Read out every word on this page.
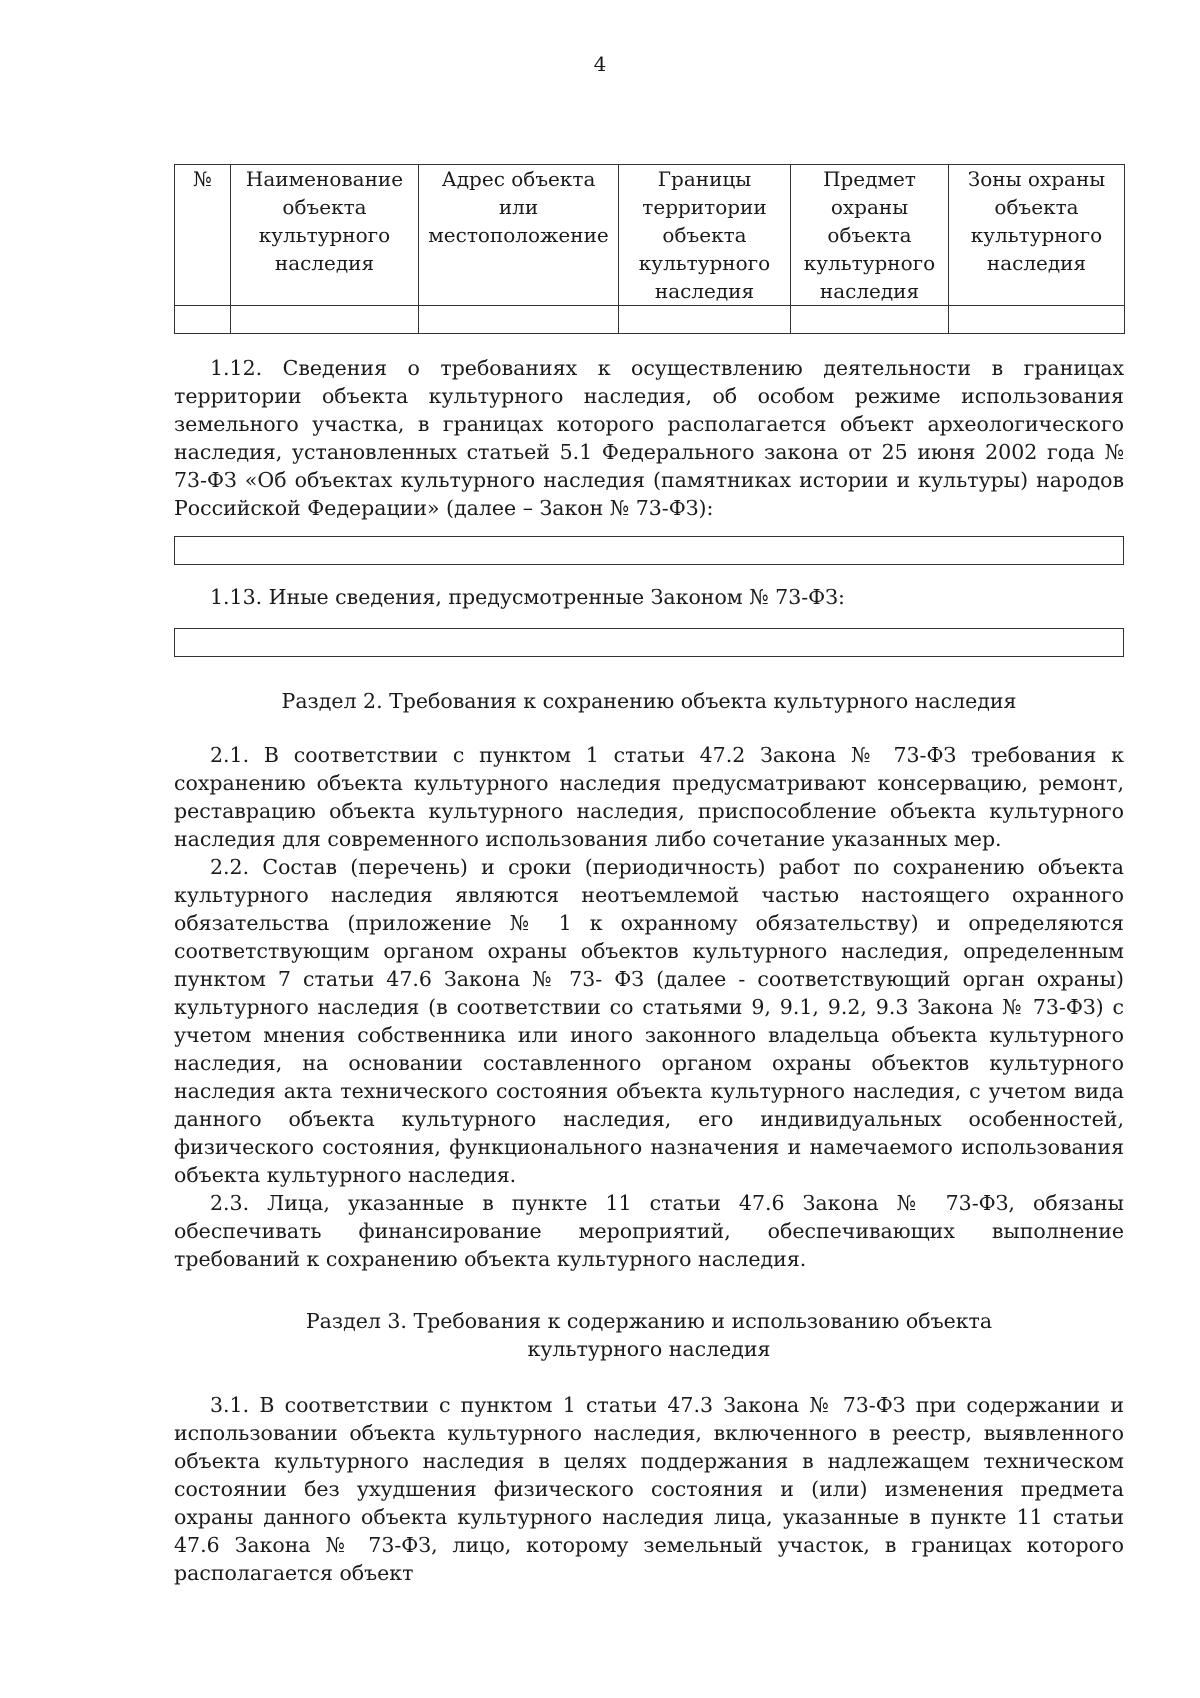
4
№	Наименование объекта культурного наследия	Адрес объекта или местоположение	Границы территории объекта культурного наследия	Предмет охраны объекта культурного наследия	Зоны охраны объекта культурного наследия

1.12. Сведения о требованиях к осуществлению деятельности в границах территории объекта культурного наследия, об особом режиме использования земельного участка, в границах которого располагается объект археологического наследия, установленных статьей 5.1 Федерального закона от 25 июня 2002 года № 73-ФЗ «Об объектах культурного наследия (памятниках истории и культуры) народов Российской Федерации» (далее – Закон № 73-ФЗ):

1.13. Иные сведения, предусмотренные Законом № 73-ФЗ:

Раздел 2. Требования к сохранению объекта культурного наследия

2.1. В соответствии с пунктом 1 статьи 47.2 Закона № 73-ФЗ требования к сохранению объекта культурного наследия предусматривают консервацию, ремонт, реставрацию объекта культурного наследия, приспособление объекта культурного наследия для современного использования либо сочетание указанных мер.

2.2. Состав (перечень) и сроки (периодичность) работ по сохранению объекта культурного наследия являются неотъемлемой частью настоящего охранного обязательства (приложение № 1 к охранному обязательству) и определяются соответствующим органом охраны объектов культурного наследия, определенным пунктом 7 статьи 47.6 Закона № 73- ФЗ (далее - соответствующий орган охраны) культурного наследия (в соответствии со статьями 9, 9.1, 9.2, 9.3 Закона № 73-ФЗ) с учетом мнения собственника или иного законного владельца объекта культурного наследия, на основании составленного органом охраны объектов культурного наследия акта технического состояния объекта культурного наследия, с учетом вида данного объекта культурного наследия, его индивидуальных особенностей, физического состояния, функционального назначения и намечаемого использования объекта культурного наследия.

2.3. Лица, указанные в пункте 11 статьи 47.6 Закона № 73-ФЗ, обязаны обеспечивать финансирование мероприятий, обеспечивающих выполнение требований к сохранению объекта культурного наследия.

Раздел 3. Требования к содержанию и использованию объекта
культурного наследия

3.1. В соответствии с пунктом 1 статьи 47.3 Закона № 73-ФЗ при содержании и использовании объекта культурного наследия, включенного в реестр, выявленного объекта культурного наследия в целях поддержания в надлежащем техническом состоянии без ухудшения физического состояния и (или) изменения предмета охраны данного объекта культурного наследия лица, указанные в пункте 11 статьи 47.6 Закона № 73-ФЗ, лицо, которому земельный участок, в границах которого располагается объект
